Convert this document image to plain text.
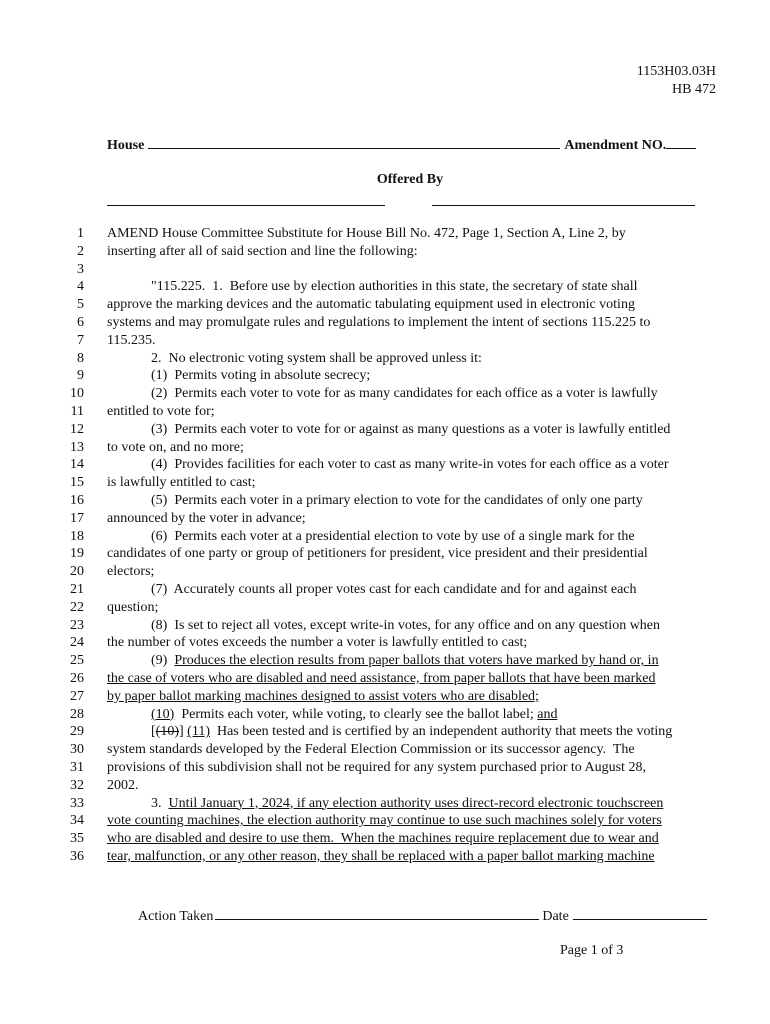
1153H03.03H
HB 472
House	Amendment NO.
Offered By
1 AMEND House Committee Substitute for House Bill No. 472, Page 1, Section A, Line 2, by
2 inserting after all of said section and line the following:
3
4	"115.225.  1.  Before use by election authorities in this state, the secretary of state shall
5 approve the marking devices and the automatic tabulating equipment used in electronic voting
6 systems and may promulgate rules and regulations to implement the intent of sections 115.225 to
7 115.235.
8	2.  No electronic voting system shall be approved unless it:
9	(1)  Permits voting in absolute secrecy;
10	(2)  Permits each voter to vote for as many candidates for each office as a voter is lawfully
11 entitled to vote for;
12	(3)  Permits each voter to vote for or against as many questions as a voter is lawfully entitled
13 to vote on, and no more;
14	(4)  Provides facilities for each voter to cast as many write-in votes for each office as a voter
15 is lawfully entitled to cast;
16	(5)  Permits each voter in a primary election to vote for the candidates of only one party
17 announced by the voter in advance;
18	(6)  Permits each voter at a presidential election to vote by use of a single mark for the
19 candidates of one party or group of petitioners for president, vice president and their presidential
20 electors;
21	(7)  Accurately counts all proper votes cast for each candidate and for and against each
22 question;
23	(8)  Is set to reject all votes, except write-in votes, for any office and on any question when
24 the number of votes exceeds the number a voter is lawfully entitled to cast;
25	(9)  Produces the election results from paper ballots that voters have marked by hand or, in
26 the case of voters who are disabled and need assistance, from paper ballots that have been marked
27 by paper ballot marking machines designed to assist voters who are disabled;
28	(10)  Permits each voter, while voting, to clearly see the ballot label; and
29	[(10)] (11)  Has been tested and is certified by an independent authority that meets the voting
30 system standards developed by the Federal Election Commission or its successor agency.  The
31 provisions of this subdivision shall not be required for any system purchased prior to August 28,
32 2002.
33	3.  Until January 1, 2024, if any election authority uses direct-record electronic touchscreen
34 vote counting machines, the election authority may continue to use such machines solely for voters
35 who are disabled and desire to use them.  When the machines require replacement due to wear and
36 tear, malfunction, or any other reason, they shall be replaced with a paper ballot marking machine
Action Taken	Date
Page 1 of 3
